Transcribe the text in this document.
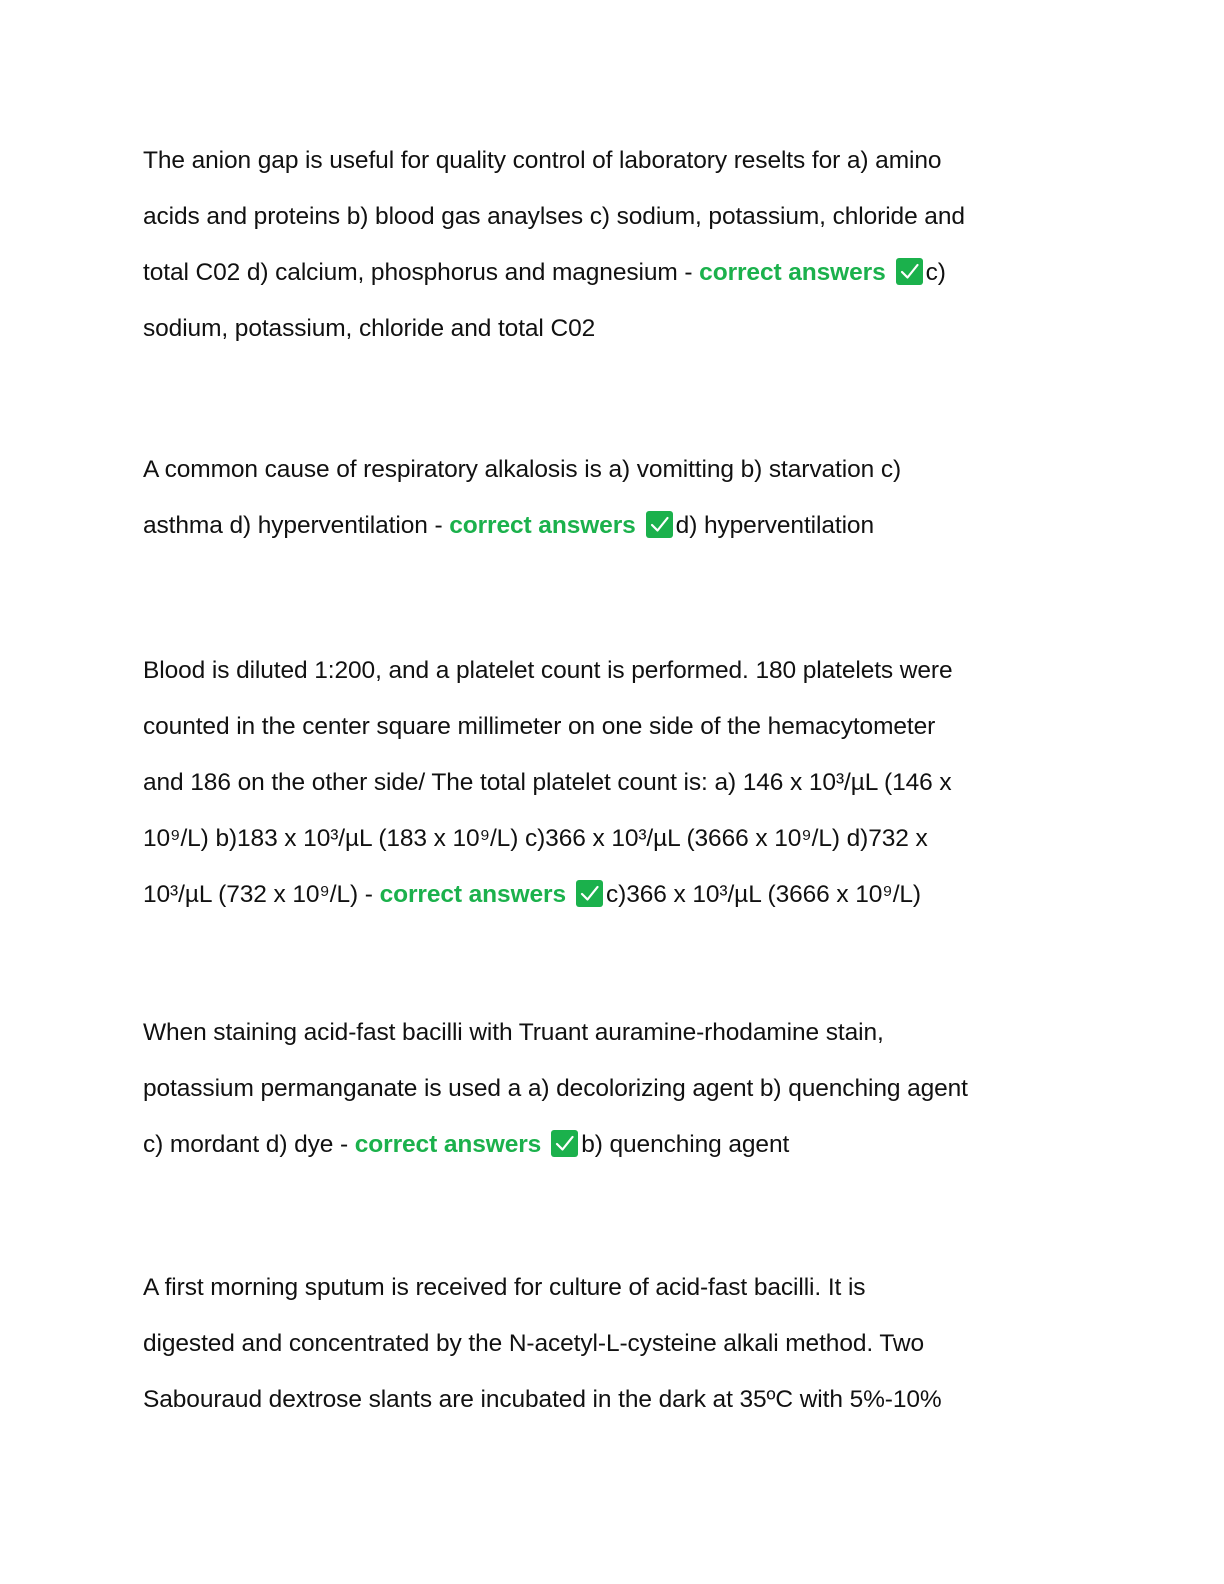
The anion gap is useful for quality control of laboratory reselts for a) amino
acids and proteins b) blood gas anaylses c) sodium, potassium, chloride and
total C02 d) calcium, phosphorus and magnesium - correct answers c)
sodium, potassium, chloride and total C02
A common cause of respiratory alkalosis is a) vomitting b) starvation c)
asthma d) hyperventilation - correct answers d) hyperventilation
Blood is diluted 1:200, and a platelet count is performed. 180 platelets were
counted in the center square millimeter on one side of the hemacytometer
and 186 on the other side/ The total platelet count is: a) 146 x 10³/µL (146 x
10⁹/L) b)183 x 10³/µL (183 x 10⁹/L) c)366 x 10³/µL (3666 x 10⁹/L) d)732 x
10³/µL (732 x 10⁹/L) - correct answers c)366 x 10³/µL (3666 x 10⁹/L)
When staining acid-fast bacilli with Truant auramine-rhodamine stain,
potassium permanganate is used a a) decolorizing agent b) quenching agent
c) mordant d) dye - correct answers b) quenching agent
A first morning sputum is received for culture of acid-fast bacilli. It is
digested and concentrated by the N-acetyl-L-cysteine alkali method. Two
Sabouraud dextrose slants are incubated in the dark at 35ºC with 5%-10%
